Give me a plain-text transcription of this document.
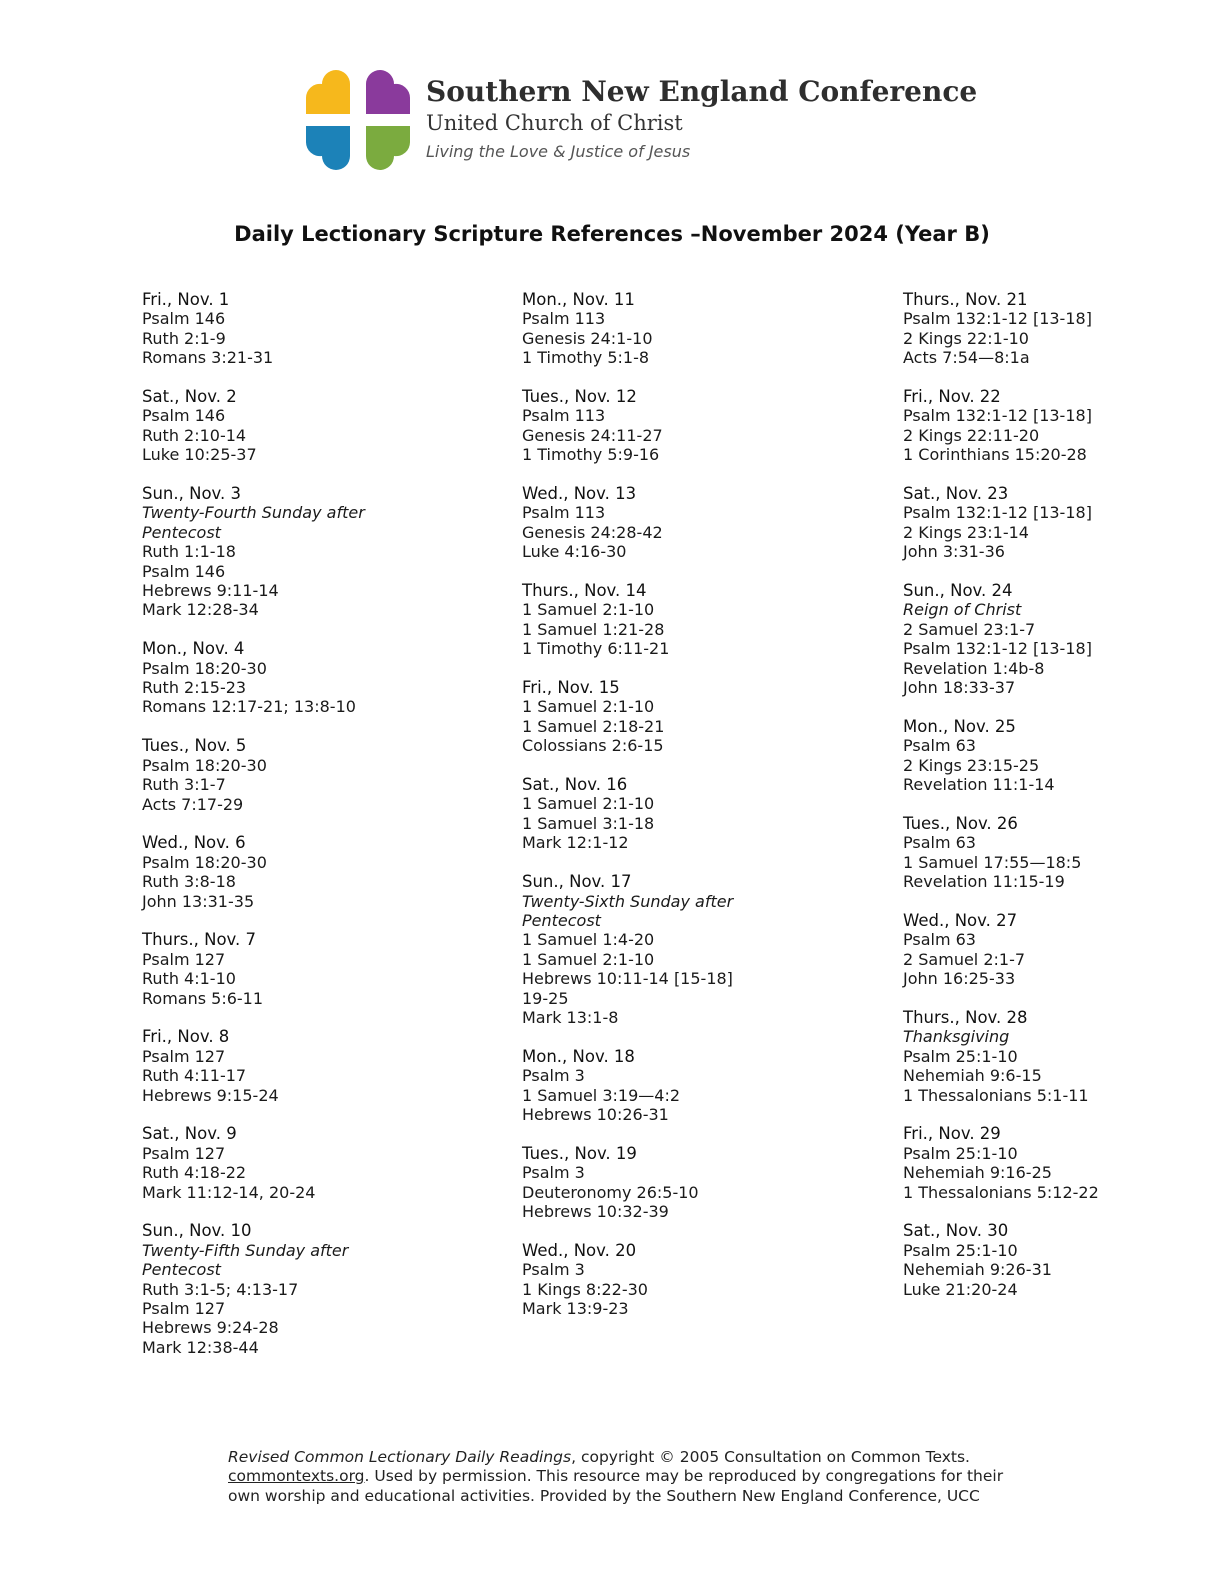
Southern New England Conference
United Church of Christ
Living the Love & Justice of Jesus
Daily Lectionary Scripture References –November 2024 (Year B)
Fri., Nov. 1
Psalm 146
Ruth 2:1-9
Romans 3:21-31
Sat., Nov. 2
Psalm 146
Ruth 2:10-14
Luke 10:25-37
Sun., Nov. 3
Twenty-Fourth Sunday after
Pentecost
Ruth 1:1-18
Psalm 146
Hebrews 9:11-14
Mark 12:28-34
Mon., Nov. 4
Psalm 18:20-30
Ruth 2:15-23
Romans 12:17-21; 13:8-10
Tues., Nov. 5
Psalm 18:20-30
Ruth 3:1-7
Acts 7:17-29
Wed., Nov. 6
Psalm 18:20-30
Ruth 3:8-18
John 13:31-35
Thurs., Nov. 7
Psalm 127
Ruth 4:1-10
Romans 5:6-11
Fri., Nov. 8
Psalm 127
Ruth 4:11-17
Hebrews 9:15-24
Sat., Nov. 9
Psalm 127
Ruth 4:18-22
Mark 11:12-14, 20-24
Sun., Nov. 10
Twenty-Fifth Sunday after
Pentecost
Ruth 3:1-5; 4:13-17
Psalm 127
Hebrews 9:24-28
Mark 12:38-44
Mon., Nov. 11
Psalm 113
Genesis 24:1-10
1 Timothy 5:1-8
Tues., Nov. 12
Psalm 113
Genesis 24:11-27
1 Timothy 5:9-16
Wed., Nov. 13
Psalm 113
Genesis 24:28-42
Luke 4:16-30
Thurs., Nov. 14
1 Samuel 2:1-10
1 Samuel 1:21-28
1 Timothy 6:11-21
Fri., Nov. 15
1 Samuel 2:1-10
1 Samuel 2:18-21
Colossians 2:6-15
Sat., Nov. 16
1 Samuel 2:1-10
1 Samuel 3:1-18
Mark 12:1-12
Sun., Nov. 17
Twenty-Sixth Sunday after
Pentecost
1 Samuel 1:4-20
1 Samuel 2:1-10
Hebrews 10:11-14 [15-18]
19-25
Mark 13:1-8
Mon., Nov. 18
Psalm 3
1 Samuel 3:19—4:2
Hebrews 10:26-31
Tues., Nov. 19
Psalm 3
Deuteronomy 26:5-10
Hebrews 10:32-39
Wed., Nov. 20
Psalm 3
1 Kings 8:22-30
Mark 13:9-23
Thurs., Nov. 21
Psalm 132:1-12 [13-18]
2 Kings 22:1-10
Acts 7:54—8:1a
Fri., Nov. 22
Psalm 132:1-12 [13-18]
2 Kings 22:11-20
1 Corinthians 15:20-28
Sat., Nov. 23
Psalm 132:1-12 [13-18]
2 Kings 23:1-14
John 3:31-36
Sun., Nov. 24
Reign of Christ
2 Samuel 23:1-7
Psalm 132:1-12 [13-18]
Revelation 1:4b-8
John 18:33-37
Mon., Nov. 25
Psalm 63
2 Kings 23:15-25
Revelation 11:1-14
Tues., Nov. 26
Psalm 63
1 Samuel 17:55—18:5
Revelation 11:15-19
Wed., Nov. 27
Psalm 63
2 Samuel 2:1-7
John 16:25-33
Thurs., Nov. 28
Thanksgiving
Psalm 25:1-10
Nehemiah 9:6-15
1 Thessalonians 5:1-11
Fri., Nov. 29
Psalm 25:1-10
Nehemiah 9:16-25
1 Thessalonians 5:12-22
Sat., Nov. 30
Psalm 25:1-10
Nehemiah 9:26-31
Luke 21:20-24
Revised Common Lectionary Daily Readings, copyright © 2005 Consultation on Common Texts.
commontexts.org. Used by permission. This resource may be reproduced by congregations for their
own worship and educational activities. Provided by the Southern New England Conference, UCC
